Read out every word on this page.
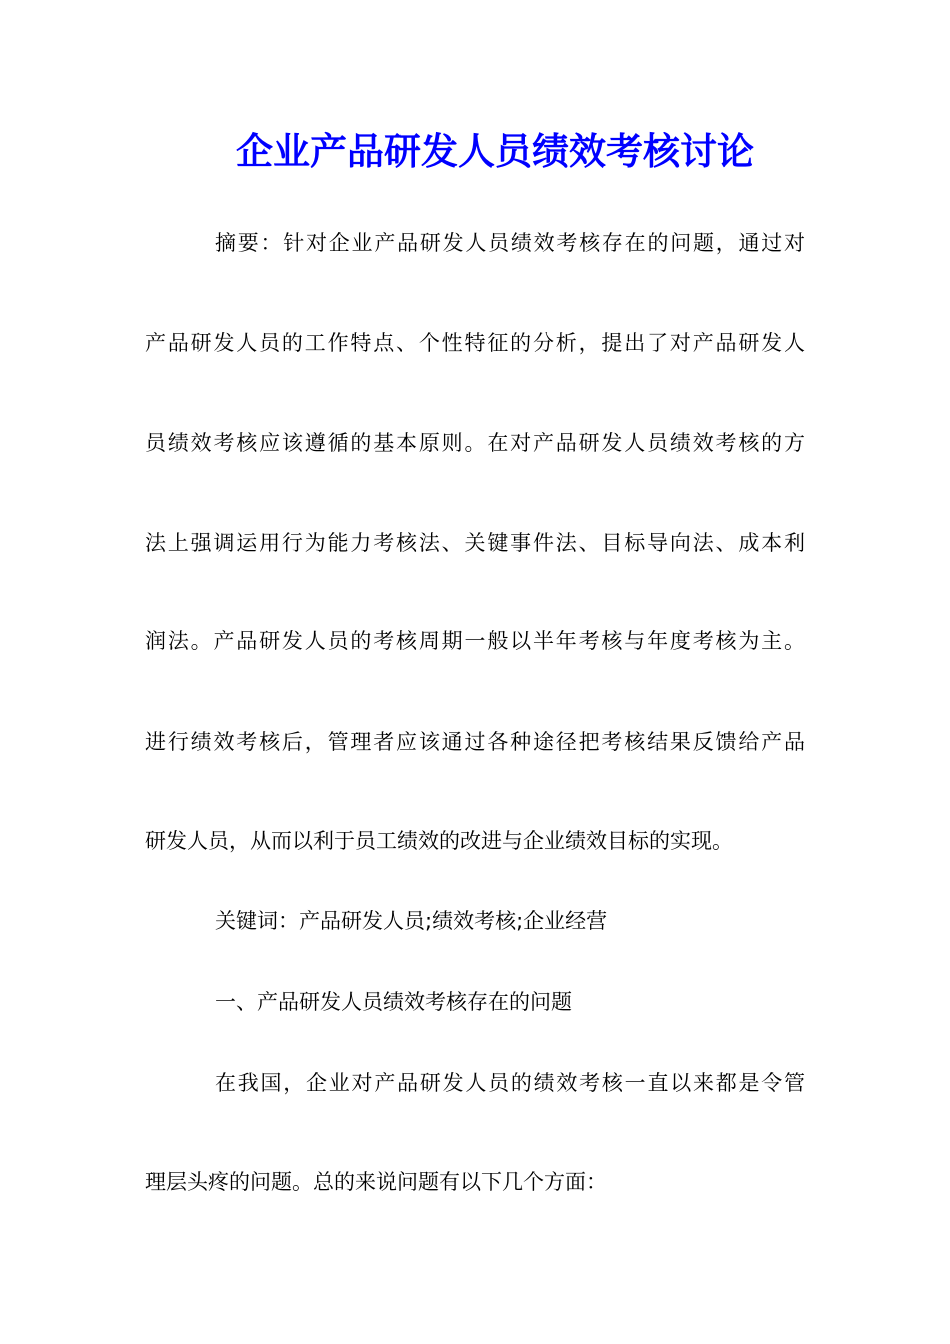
企业产品研发人员绩效考核讨论

摘要：针对企业产品研发人员绩效考核存在的问题，通过对

产品研发人员的工作特点、个性特征的分析，提出了对产品研发人

员绩效考核应该遵循的基本原则。在对产品研发人员绩效考核的方

法上强调运用行为能力考核法、关键事件法、目标导向法、成本利

润法。产品研发人员的考核周期一般以半年考核与年度考核为主。

进行绩效考核后，管理者应该通过各种途径把考核结果反馈给产品

研发人员，从而以利于员工绩效的改进与企业绩效目标的实现。

关键词：产品研发人员;绩效考核;企业经营

一、产品研发人员绩效考核存在的问题

在我国，企业对产品研发人员的绩效考核一直以来都是令管

理层头疼的问题。总的来说问题有以下几个方面：
